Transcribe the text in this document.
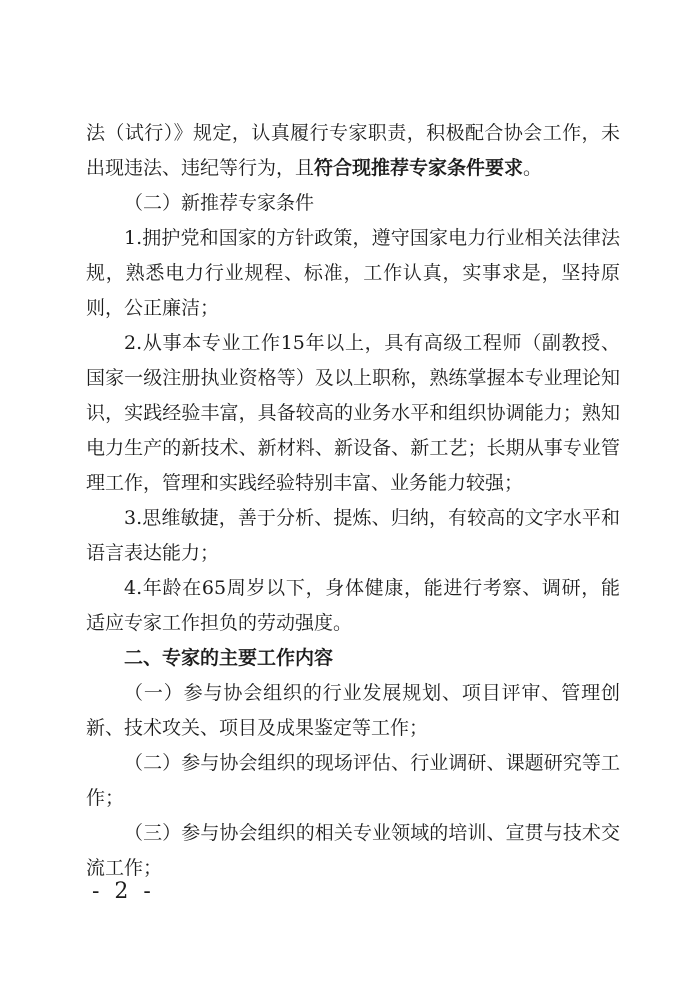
法（试行）》规定，认真履行专家职责，积极配合协会工作，未出现违法、违纪等行为，且符合现推荐专家条件要求。

（二）新推荐专家条件

1.拥护党和国家的方针政策，遵守国家电力行业相关法律法规，熟悉电力行业规程、标准，工作认真，实事求是，坚持原则，公正廉洁；

2.从事本专业工作15年以上，具有高级工程师（副教授、国家一级注册执业资格等）及以上职称，熟练掌握本专业理论知识，实践经验丰富，具备较高的业务水平和组织协调能力；熟知电力生产的新技术、新材料、新设备、新工艺；长期从事专业管理工作，管理和实践经验特别丰富、业务能力较强；

3.思维敏捷，善于分析、提炼、归纳，有较高的文字水平和语言表达能力；

4.年龄在65周岁以下，身体健康，能进行考察、调研，能适应专家工作担负的劳动强度。

二、专家的主要工作内容

（一）参与协会组织的行业发展规划、项目评审、管理创新、技术攻关、项目及成果鉴定等工作；

（二）参与协会组织的现场评估、行业调研、课题研究等工作；

（三）参与协会组织的相关专业领域的培训、宣贯与技术交流工作；

- 2 -
